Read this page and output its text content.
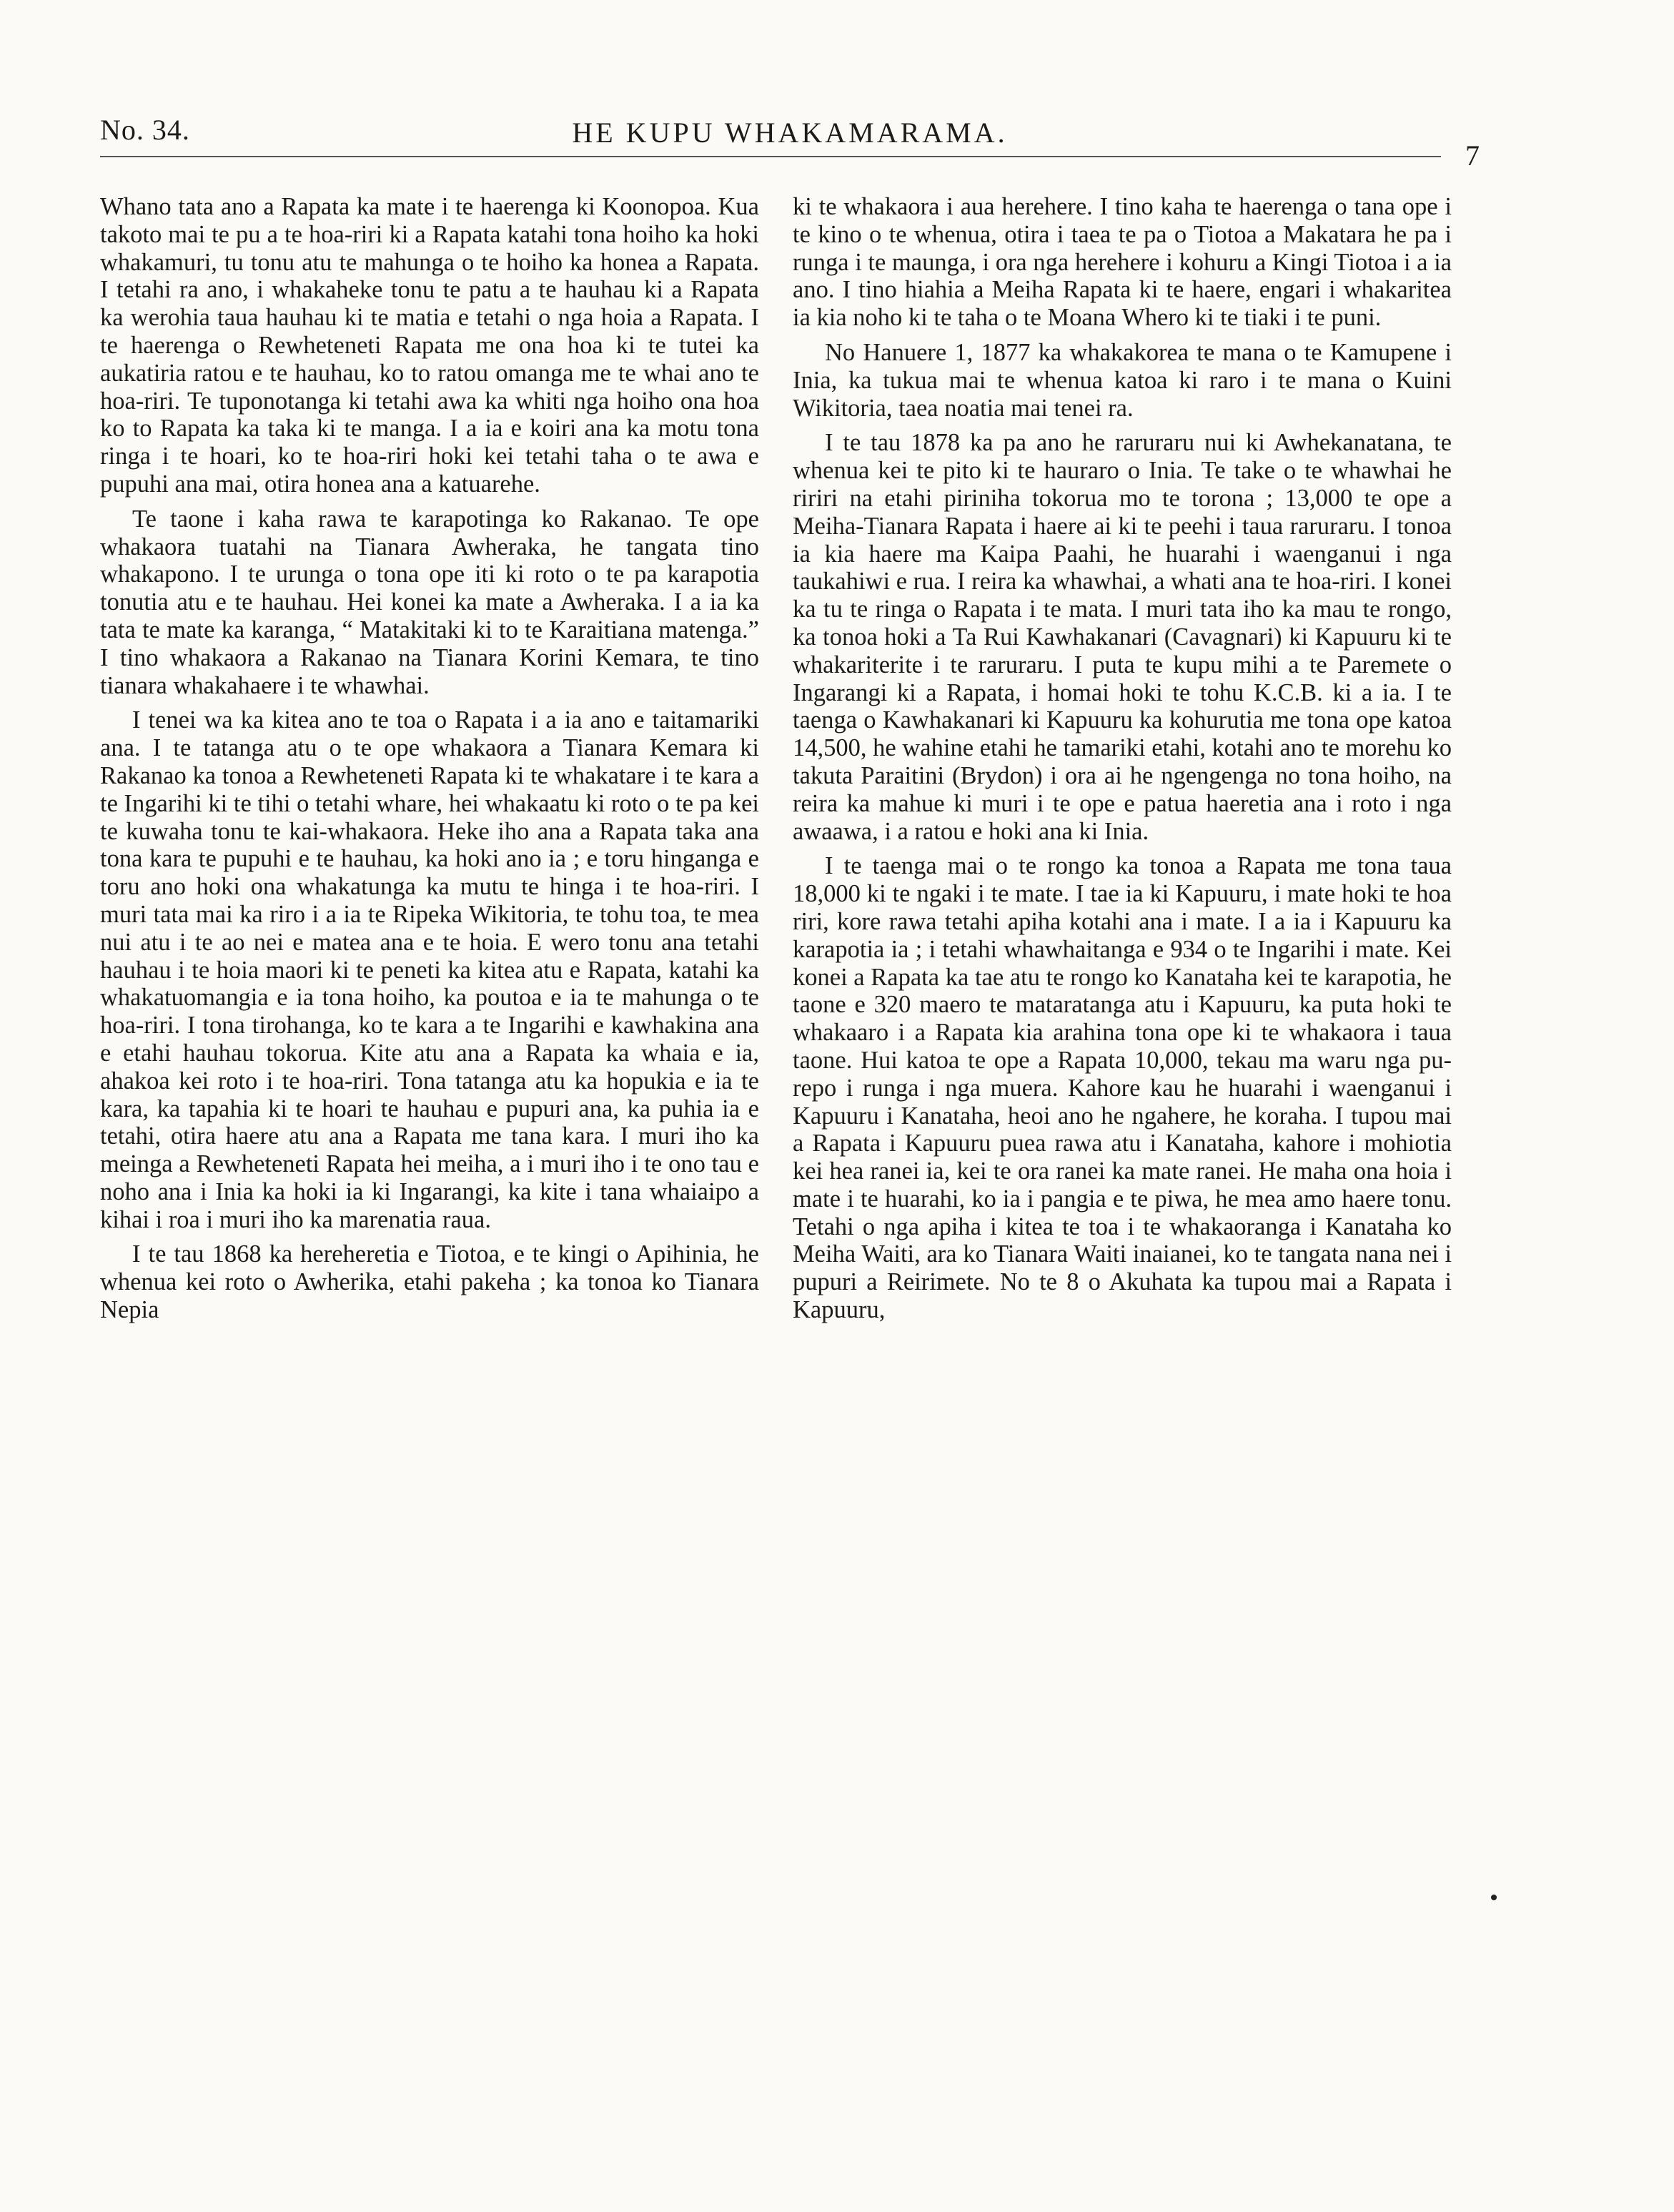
No. 34.	HE KUPU WHAKAMARAMA.
7

Whano tata ano a Rapata ka mate i te haerenga ki Koonopoa. Kua takoto mai te pu a te hoa-riri ki a Rapata katahi tona hoiho ka hoki whakamuri, tu tonu atu te mahunga o te hoiho ka honea a Rapata. I tetahi ra ano, i whakaheke tonu te patu a te hauhau ki a Rapata ka werohia taua hauhau ki te matia e tetahi o nga hoia a Rapata. I te haerenga o Rewheteneti Rapata me ona hoa ki te tutei ka aukatiria ratou e te hauhau, ko to ratou omanga me te whai ano te hoa-riri. Te tuponotanga ki tetahi awa ka whiti nga hoiho ona hoa ko to Rapata ka taka ki te manga. I a ia e koiri ana ka motu tona ringa i te hoari, ko te hoa-riri hoki kei tetahi taha o te awa e pupuhi ana mai, otira honea ana a katuarehe.

Te taone i kaha rawa te karapotinga ko Rakanao. Te ope whakaora tuatahi na Tianara Awheraka, he tangata tino whakapono. I te urunga o tona ope iti ki roto o te pa karapotia tonutia atu e te hauhau. Hei konei ka mate a Awheraka. I a ia ka tata te mate ka karanga, “ Matakitaki ki to te Karaitiana matenga.” I tino whakaora a Rakanao na Tianara Korini Kemara, te tino tianara whakahaere i te whawhai.

I tenei wa ka kitea ano te toa o Rapata i a ia ano e taitamariki ana. I te tatanga atu o te ope whakaora a Tianara Kemara ki Rakanao ka tonoa a Rewheteneti Rapata ki te whakatare i te kara a te Ingarihi ki te tihi o tetahi whare, hei whakaatu ki roto o te pa kei te kuwaha tonu te kai-whakaora. Heke iho ana a Rapata taka ana tona kara te pupuhi e te hauhau, ka hoki ano ia ; e toru hinganga e toru ano hoki ona whakatunga ka mutu te hinga i te hoa-riri. I muri tata mai ka riro i a ia te Ripeka Wikitoria, te tohu toa, te mea nui atu i te ao nei e matea ana e te hoia. E wero tonu ana tetahi hauhau i te hoia maori ki te peneti ka kitea atu e Rapata, katahi ka whakatuomangia e ia tona hoiho, ka poutoa e ia te mahunga o te hoa-riri. I tona tirohanga, ko te kara a te Ingarihi e kawhakina ana e etahi hauhau tokorua. Kite atu ana a Rapata ka whaia e ia, ahakoa kei roto i te hoa-riri. Tona tatanga atu ka hopukia e ia te kara, ka tapahia ki te hoari te hauhau e pupuri ana, ka puhia ia e tetahi, otira haere atu ana a Rapata me tana kara. I muri iho ka meinga a Rewheteneti Rapata hei meiha, a i muri iho i te ono tau e noho ana i Inia ka hoki ia ki Ingarangi, ka kite i tana whaiaipo a kihai i roa i muri iho ka marenatia raua.

I te tau 1868 ka hereheretia e Tiotoa, e te kingi o Apihinia, he whenua kei roto o Awherika, etahi pakeha ; ka tonoa ko Tianara Nepia

ki te whakaora i aua herehere. I tino kaha te haerenga o tana ope i te kino o te whenua, otira i taea te pa o Tiotoa a Makatara he pa i runga i te maunga, i ora nga herehere i kohuru a Kingi Tiotoa i a ia ano. I tino hiahia a Meiha Rapata ki te haere, engari i whakaritea ia kia noho ki te taha o te Moana Whero ki te tiaki i te puni.

No Hanuere 1, 1877 ka whakakorea te mana o te Kamupene i Inia, ka tukua mai te whenua katoa ki raro i te mana o Kuini Wikitoria, taea noatia mai tenei ra.

I te tau 1878 ka pa ano he raruraru nui ki Awhekanatana, te whenua kei te pito ki te hauraro o Inia. Te take o te whawhai he ririri na etahi piriniha tokorua mo te torona ; 13,000 te ope a Meiha-Tianara Rapata i haere ai ki te peehi i taua raruraru. I tonoa ia kia haere ma Kaipa Paahi, he huarahi i waenganui i nga taukahiwi e rua. I reira ka whawhai, a whati ana te hoa-riri. I konei ka tu te ringa o Rapata i te mata. I muri tata iho ka mau te rongo, ka tonoa hoki a Ta Rui Kawhakanari (Cavagnari) ki Kapuuru ki te whakariterite i te raruraru. I puta te kupu mihi a te Paremete o Ingarangi ki a Rapata, i homai hoki te tohu K.C.B. ki a ia. I te taenga o Kawhakanari ki Kapuuru ka kohurutia me tona ope katoa 14,500, he wahine etahi he tamariki etahi, kotahi ano te morehu ko takuta Paraitini (Brydon) i ora ai he ngengenga no tona hoiho, na reira ka mahue ki muri i te ope e patua haeretia ana i roto i nga awaawa, i a ratou e hoki ana ki Inia.

I te taenga mai o te rongo ka tonoa a Rapata me tona taua 18,000 ki te ngaki i te mate. I tae ia ki Kapuuru, i mate hoki te hoa riri, kore rawa tetahi apiha kotahi ana i mate. I a ia i Kapuuru ka karapotia ia ; i tetahi whawhaitanga e 934 o te Ingarihi i mate. Kei konei a Rapata ka tae atu te rongo ko Kanataha kei te karapotia, he taone e 320 maero te mataratanga atu i Kapuuru, ka puta hoki te whakaaro i a Rapata kia arahina tona ope ki te whakaora i taua taone. Hui katoa te ope a Rapata 10,000, tekau ma waru nga pu-repo i runga i nga muera. Kahore kau he huarahi i waenganui i Kapuuru i Kanataha, heoi ano he ngahere, he koraha. I tupou mai a Rapata i Kapuuru puea rawa atu i Kanataha, kahore i mohiotia kei hea ranei ia, kei te ora ranei ka mate ranei. He maha ona hoia i mate i te huarahi, ko ia i pangia e te piwa, he mea amo haere tonu. Tetahi o nga apiha i kitea te toa i te whakaoranga i Kanataha ko Meiha Waiti, ara ko Tianara Waiti inaianei, ko te tangata nana nei i pupuri a Reirimete. No te 8 o Akuhata ka tupou mai a Rapata i Kapuuru,
